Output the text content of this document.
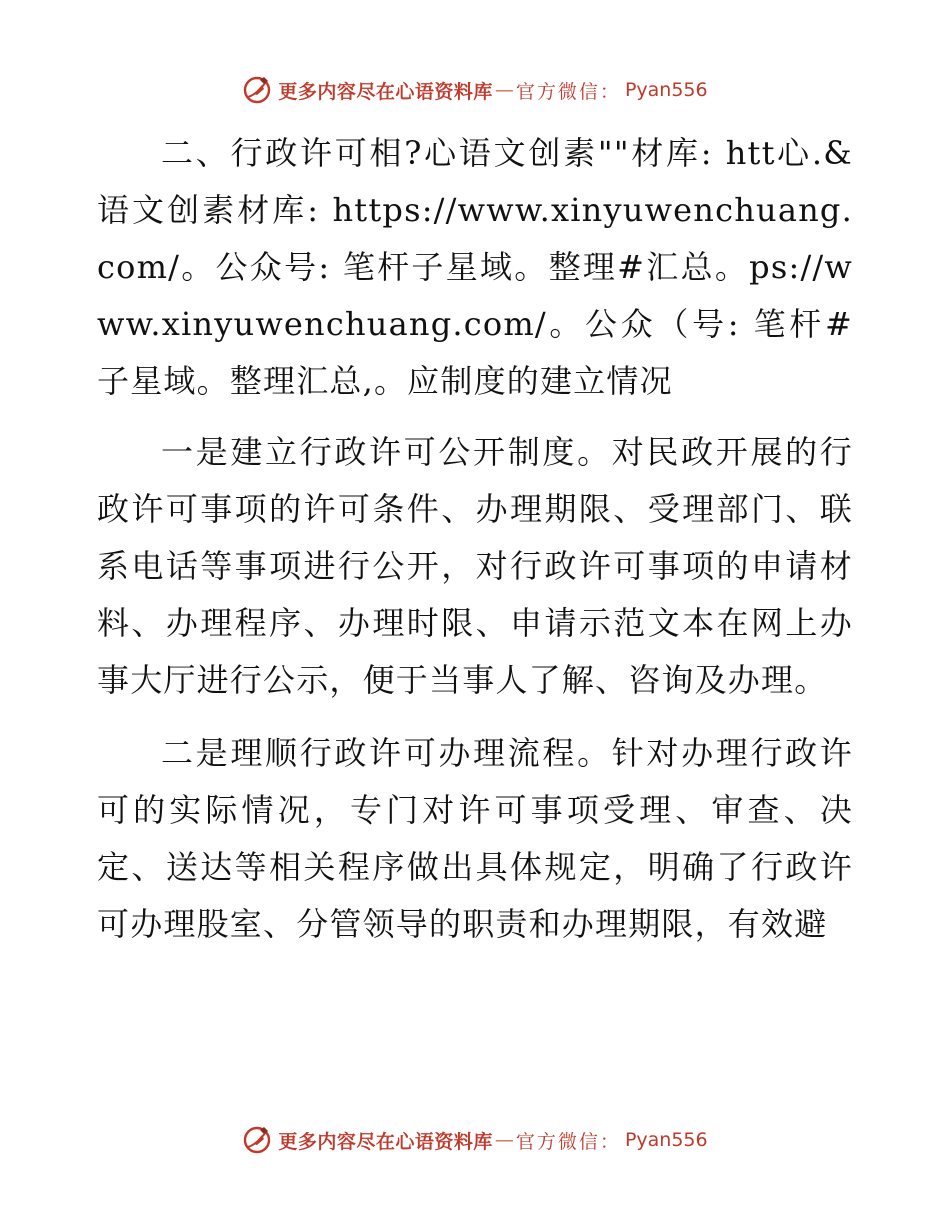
更多内容尽在心语资料库 — 官方微信： Pyan556

二、行政许可相?心语文创素""材库: htt心.&语文创素材库: https://www.xinyuwenchuang.com/。公众号: 笔杆子星域。整理#汇总。ps://www.xinyuwenchuang.com/。公众（号: 笔杆#子星域。整理汇总,。应制度的建立情况

一是建立行政许可公开制度。对民政开展的行政许可事项的许可条件、办理期限、受理部门、联系电话等事项进行公开，对行政许可事项的申请材料、办理程序、办理时限、申请示范文本在网上办事大厅进行公示，便于当事人了解、咨询及办理。

二是理顺行政许可办理流程。针对办理行政许可的实际情况，专门对许可事项受理、审查、决定、送达等相关程序做出具体规定，明确了行政许可办理股室、分管领导的职责和办理期限，有效避

更多内容尽在心语资料库 — 官方微信： Pyan556
